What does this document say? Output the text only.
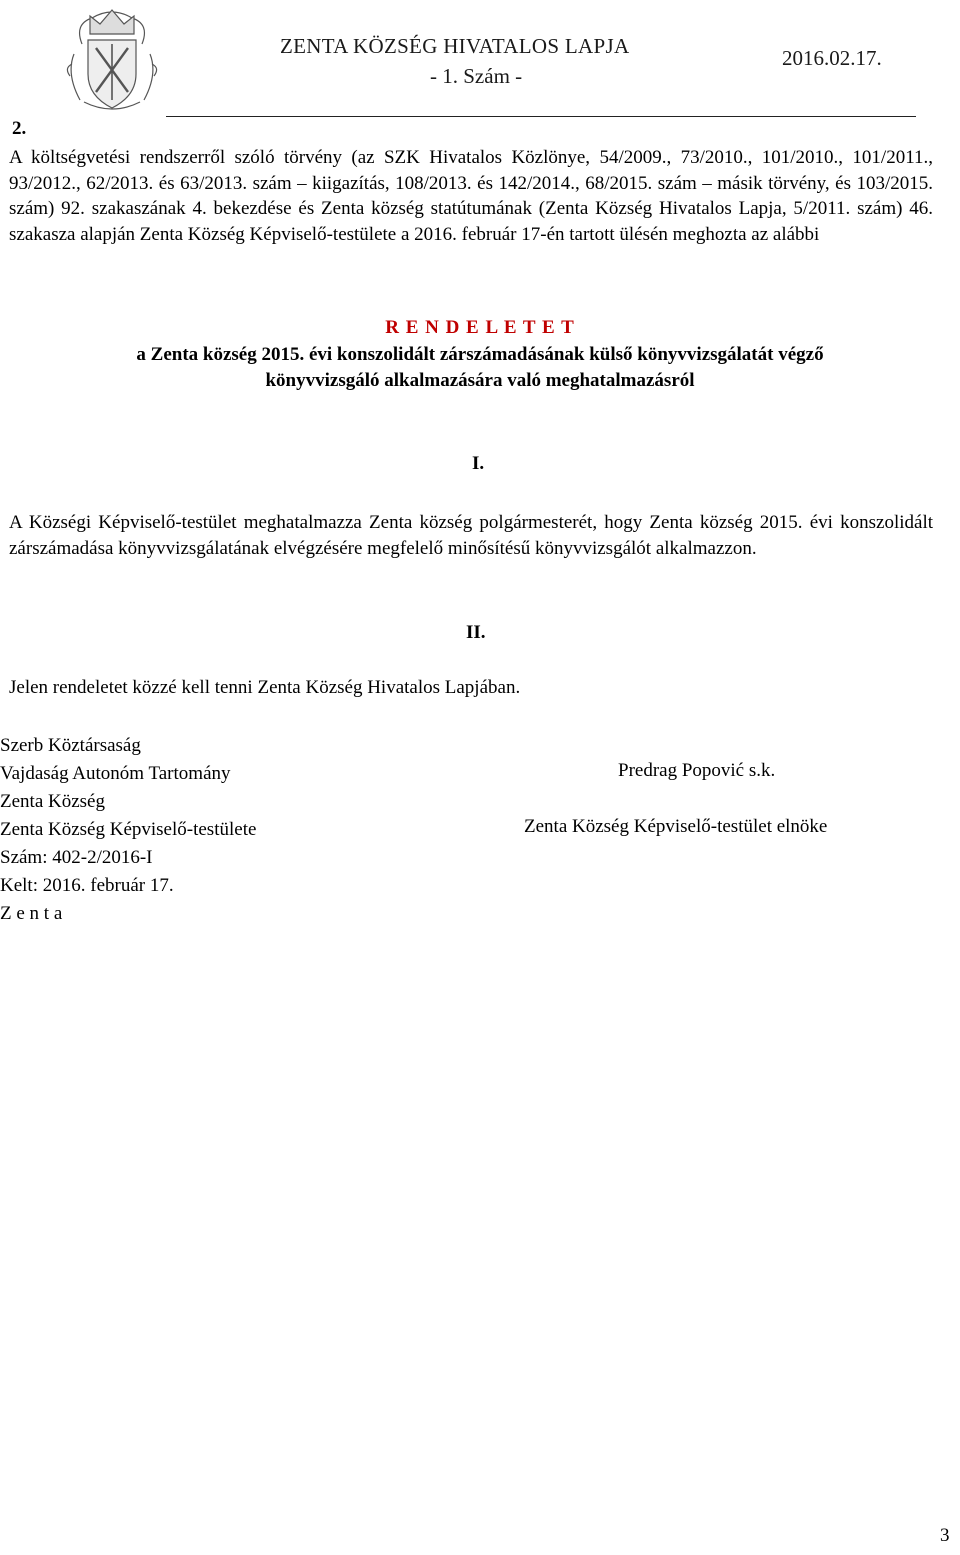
ZENTA KÖZSÉG HIVATALOS LAPJA
- 1. Szám -
2016.02.17.
2.
A költségvetési rendszerről szóló törvény (az SZK Hivatalos Közlönye, 54/2009., 73/2010., 101/2010., 101/2011., 93/2012., 62/2013. és 63/2013. szám – kiigazítás, 108/2013. és 142/2014., 68/2015. szám – másik törvény, és 103/2015. szám) 92. szakaszának 4. bekezdése és Zenta község statútumának (Zenta Község Hivatalos Lapja, 5/2011. szám) 46. szakasza alapján Zenta Község Képviselő-testülete a 2016. február 17-én tartott ülésén meghozta az alábbi
R E N D E L E T E T
a Zenta község 2015. évi konszolidált zárszámadásának külső könyvvizsgálatát végző
könyvvizsgáló alkalmazására való meghatalmazásról
I.
A Községi Képviselő-testület meghatalmazza Zenta község polgármesterét, hogy Zenta község 2015. évi konszolidált zárszámadása könyvvizsgálatának elvégzésére megfelelő minősítésű könyvvizsgálót alkalmazzon.
II.
Jelen rendeletet közzé kell tenni Zenta Község Hivatalos Lapjában.
Szerb Köztársaság
Vajdaság Autonóm Tartomány
Zenta Község
Zenta Község Képviselő-testülete
Szám: 402-2/2016-I
Kelt: 2016. február 17.
Z e n t a
Predrag Popović s.k.
Zenta Község Képviselő-testület elnöke
3
